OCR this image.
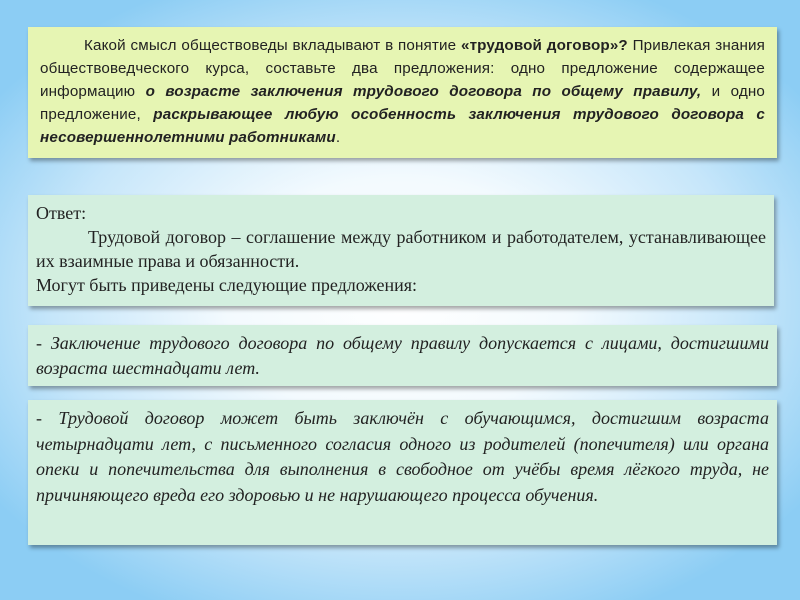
Какой смысл обществоведы вкладывают в понятие «трудовой договор»? Привлекая знания обществоведческого курса, составьте два предложения: одно предложение содержащее информацию о возрасте заключения трудового договора по общему правилу, и одно предложение, раскрывающее любую особенность заключения трудового договора с несовершеннолетними работниками.

Ответ:

Трудовой договор – соглашение между работником и работодателем, устанавливающее их взаимные права и обязанности.

Могут быть приведены следующие предложения:

- Заключение трудового договора по общему правилу допускается с лицами, достигшими возраста шестнадцати лет.

- Трудовой договор может быть заключён с обучающимся, достигшим возраста четырнадцати лет, с письменного согласия одного из родителей (попечителя) или органа опеки и попечительства для выполнения в свободное от учёбы время лёгкого труда, не причиняющего вреда его здоровью и не нарушающего процесса обучения.
